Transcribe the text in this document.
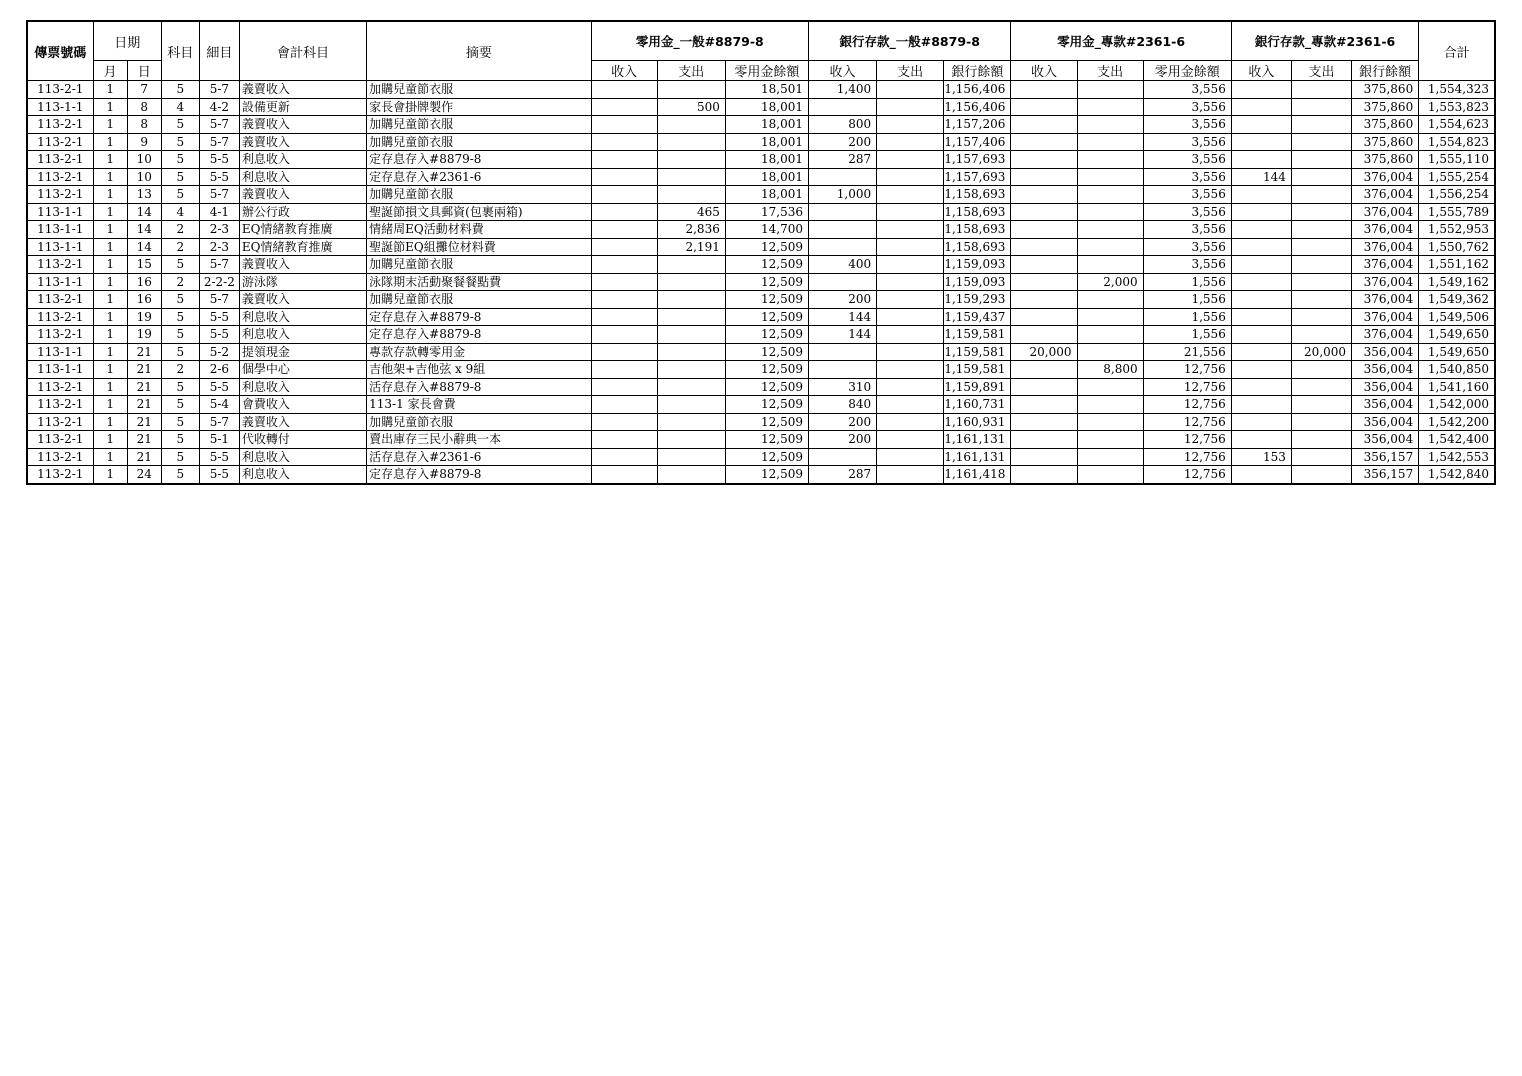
傳票號碼	日期		科目	細目	會計科目	摘要	零用金_一般#8879-8			銀行存款_一般#8879-8			零用金_專款#2361-6			銀行存款_專款#2361-6			合計
	月	日					收入	支出	零用金餘額	收入	支出	銀行餘額	收入	支出	零用金餘額	收入	支出	銀行餘額	
113-2-1	1	7	5	5-7	義賣收入	加購兒童節衣服			18,501	1,400		1,156,406			3,556			375,860	1,554,323
113-1-1	1	8	4	4-2	設備更新	家長會掛牌製作		500	18,001			1,156,406			3,556			375,860	1,553,823
113-2-1	1	8	5	5-7	義賣收入	加購兒童節衣服			18,001	800		1,157,206			3,556			375,860	1,554,623
113-2-1	1	9	5	5-7	義賣收入	加購兒童節衣服			18,001	200		1,157,406			3,556			375,860	1,554,823
113-2-1	1	10	5	5-5	利息收入	定存息存入#8879-8			18,001	287		1,157,693			3,556			375,860	1,555,110
113-2-1	1	10	5	5-5	利息收入	定存息存入#2361-6			18,001			1,157,693			3,556	144		376,004	1,555,254
113-2-1	1	13	5	5-7	義賣收入	加購兒童節衣服			18,001	1,000		1,158,693			3,556			376,004	1,556,254
113-1-1	1	14	4	4-1	辦公行政	聖誕節損文具郵資(包裹兩箱)		465	17,536			1,158,693			3,556			376,004	1,555,789
113-1-1	1	14	2	2-3	EQ情緒教育推廣	情緒周EQ活動材料費		2,836	14,700			1,158,693			3,556			376,004	1,552,953
113-1-1	1	14	2	2-3	EQ情緒教育推廣	聖誕節EQ組攤位材料費		2,191	12,509			1,158,693			3,556			376,004	1,550,762
113-2-1	1	15	5	5-7	義賣收入	加購兒童節衣服			12,509	400		1,159,093			3,556			376,004	1,551,162
113-1-1	1	16	2	2-2-2	游泳隊	泳隊期末活動聚餐餐點費			12,509			1,159,093		2,000	1,556			376,004	1,549,162
113-2-1	1	16	5	5-7	義賣收入	加購兒童節衣服			12,509	200		1,159,293			1,556			376,004	1,549,362
113-2-1	1	19	5	5-5	利息收入	定存息存入#8879-8			12,509	144		1,159,437			1,556			376,004	1,549,506
113-2-1	1	19	5	5-5	利息收入	定存息存入#8879-8			12,509	144		1,159,581			1,556			376,004	1,549,650
113-1-1	1	21	5	5-2	提領現金	專款存款轉零用金			12,509			1,159,581	20,000		21,556		20,000	356,004	1,549,650
113-1-1	1	21	2	2-6	個學中心	吉他架+吉他弦 x 9組			12,509			1,159,581		8,800	12,756			356,004	1,540,850
113-2-1	1	21	5	5-5	利息收入	活存息存入#8879-8			12,509	310		1,159,891			12,756			356,004	1,541,160
113-2-1	1	21	5	5-4	會費收入	113-1 家長會費			12,509	840		1,160,731			12,756			356,004	1,542,000
113-2-1	1	21	5	5-7	義賣收入	加購兒童節衣服			12,509	200		1,160,931			12,756			356,004	1,542,200
113-2-1	1	21	5	5-1	代收轉付	賣出庫存三民小辭典一本			12,509	200		1,161,131			12,756			356,004	1,542,400
113-2-1	1	21	5	5-5	利息收入	活存息存入#2361-6			12,509			1,161,131			12,756	153		356,157	1,542,553
113-2-1	1	24	5	5-5	利息收入	定存息存入#8879-8			12,509	287		1,161,418			12,756			356,157	1,542,840
